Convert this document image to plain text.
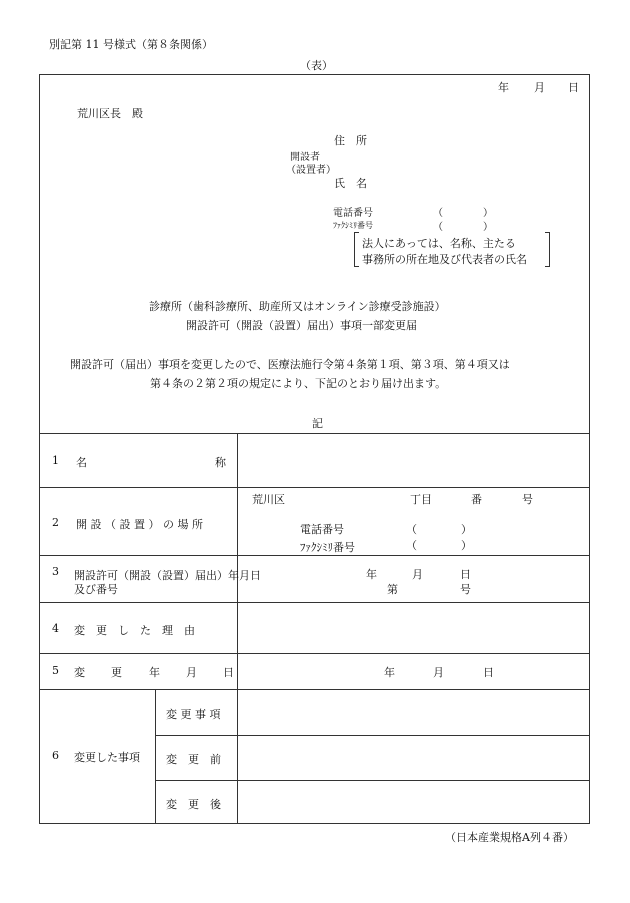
別記第 11 号様式（第８条関係）
（表）
年 月 日
荒川区長　殿
住　所
開設者
（設置者）
氏　名
電話番号	（　　　　）
ﾌｧｸｼﾐﾘ番号	（　　　　）
法人にあっては、名称、主たる
事務所の所在地及び代表者の氏名
診療所（歯科診療所、助産所又はオンライン診療受診施設）
開設許可（開設（設置）届出）事項一部変更届
開設許可（届出）事項を変更したので、医療法施行令第４条第１項、第３項、第４項又は
第４条の２第２項の規定により、下記のとおり届け出ます。
記
1 名	称
2 開 設 （ 設 置 ） の 場 所
荒川区	丁目	番	号
電話番号	（　　　　）
ﾌｧｸｼﾐﾘ番号	（　　　　）
3 開設許可（開設（設置）届出）年月日
及び番号
年	月	日
第	号
4 変　更　し　た　理　由
5 変 更 年 月 日	年	月	日
6 変更した事項
変 更 事 項
変　更　前
変　更　後
（日本産業規格A列４番）
